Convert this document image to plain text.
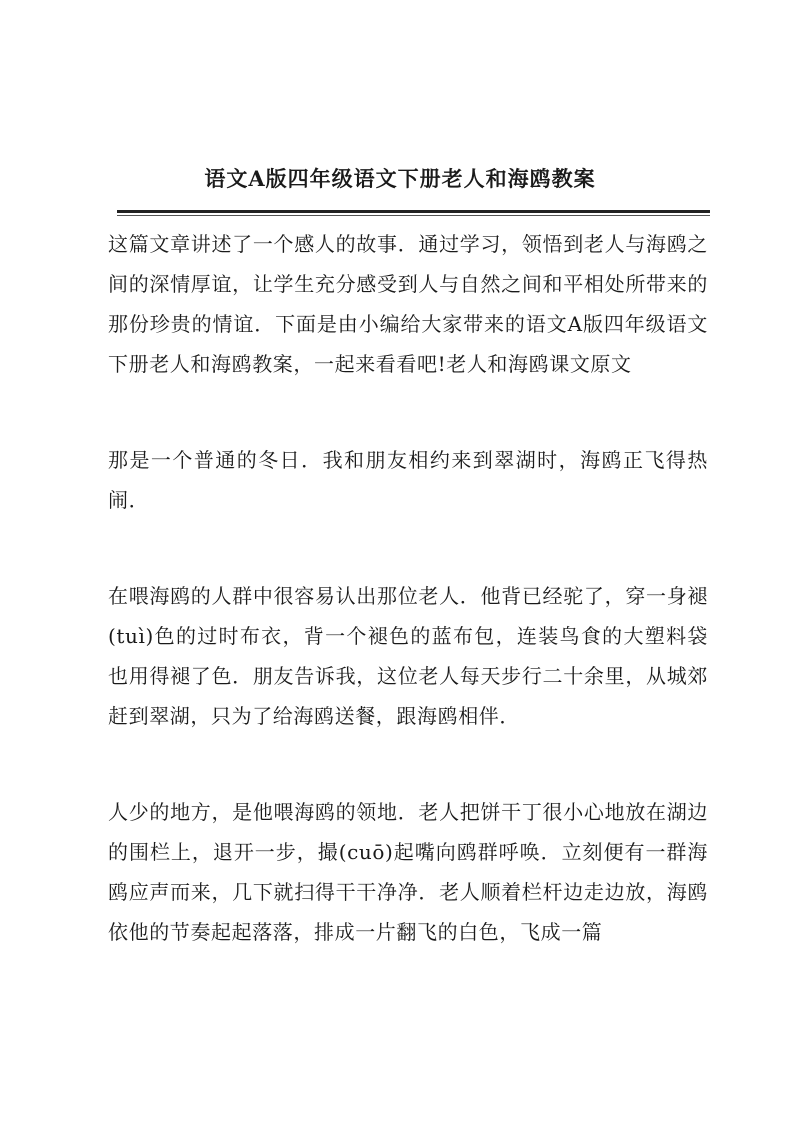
语文A版四年级语文下册老人和海鸥教案

这篇文章讲述了一个感人的故事．通过学习，领悟到老人与海鸥之间的深情厚谊，让学生充分感受到人与自然之间和平相处所带来的那份珍贵的情谊．下面是由小编给大家带来的语文A版四年级语文下册老人和海鸥教案，一起来看看吧!老人和海鸥课文原文

那是一个普通的冬日．我和朋友相约来到翠湖时，海鸥正飞得热闹．

在喂海鸥的人群中很容易认出那位老人．他背已经驼了，穿一身褪(tuì)色的过时布衣，背一个褪色的蓝布包，连装鸟食的大塑料袋也用得褪了色．朋友告诉我，这位老人每天步行二十余里，从城郊赶到翠湖，只为了给海鸥送餐，跟海鸥相伴．

人少的地方，是他喂海鸥的领地．老人把饼干丁很小心地放在湖边的围栏上，退开一步，撮(cuō)起嘴向鸥群呼唤．立刻便有一群海鸥应声而来，几下就扫得干干净净．老人顺着栏杆边走边放，海鸥依他的节奏起起落落，排成一片翻飞的白色，飞成一篇
